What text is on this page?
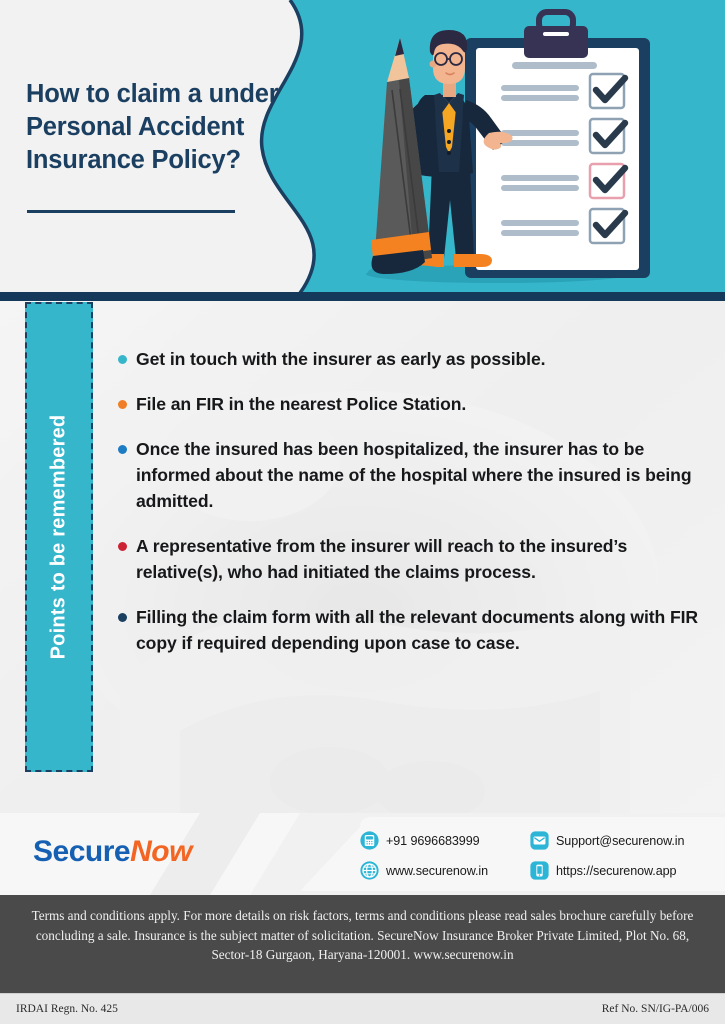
How to claim a under Personal Accident Insurance Policy?
Points to be remembered
Get in touch with the insurer as early as possible.
File an FIR in the nearest Police Station.
Once the insured has been hospitalized, the insurer has to be informed about the name of the hospital where the insured is being admitted.
A representative from the insurer will reach to the insured’s relative(s), who had initiated the claims process.
Filling the claim form with all the relevant documents along with FIR copy if required depending upon case to case.
SecureNow	+91 9696683999	Support@securenow.in
www.securenow.in	https://securenow.app
Terms and conditions apply. For more details on risk factors, terms and conditions please read sales brochure carefully before concluding a sale. Insurance is the subject matter of solicitation. SecureNow Insurance Broker Private Limited, Plot No. 68, Sector-18 Gurgaon, Haryana-120001. www.securenow.in
IRDAI Regn. No. 425	Ref No. SN/IG-PA/006
